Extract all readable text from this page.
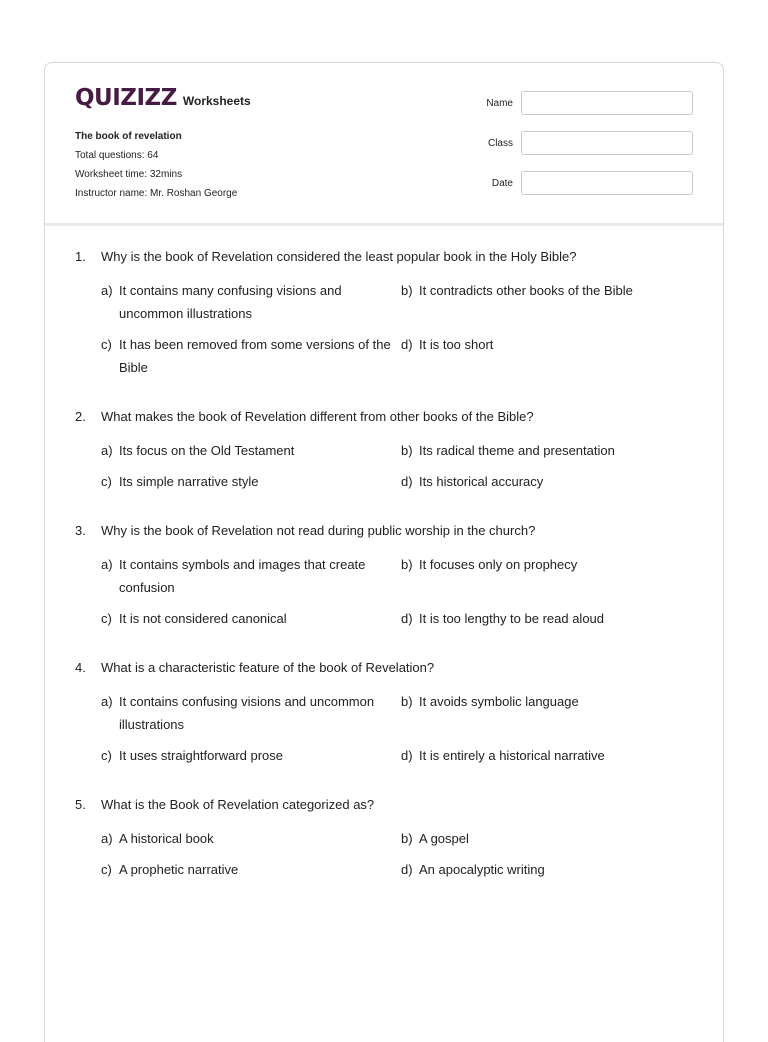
QUIZIZZ Worksheets
The book of revelation
Total questions: 64
Worksheet time: 32mins
Instructor name: Mr. Roshan George
Name
Class
Date
1.	Why is the book of Revelation considered the least popular book in the Holy Bible?
a) It contains many confusing visions and uncommon illustrations
b) It contradicts other books of the Bible
c) It has been removed from some versions of the Bible
d) It is too short
2.	What makes the book of Revelation different from other books of the Bible?
a) Its focus on the Old Testament	b) Its radical theme and presentation
c) Its simple narrative style	d) Its historical accuracy
3.	Why is the book of Revelation not read during public worship in the church?
a) It contains symbols and images that create confusion
b) It focuses only on prophecy
c) It is not considered canonical	d) It is too lengthy to be read aloud
4.	What is a characteristic feature of the book of Revelation?
a) It contains confusing visions and uncommon illustrations
b) It avoids symbolic language
c) It uses straightforward prose	d) It is entirely a historical narrative
5.	What is the Book of Revelation categorized as?
a) A historical book	b) A gospel
c) A prophetic narrative	d) An apocalyptic writing
